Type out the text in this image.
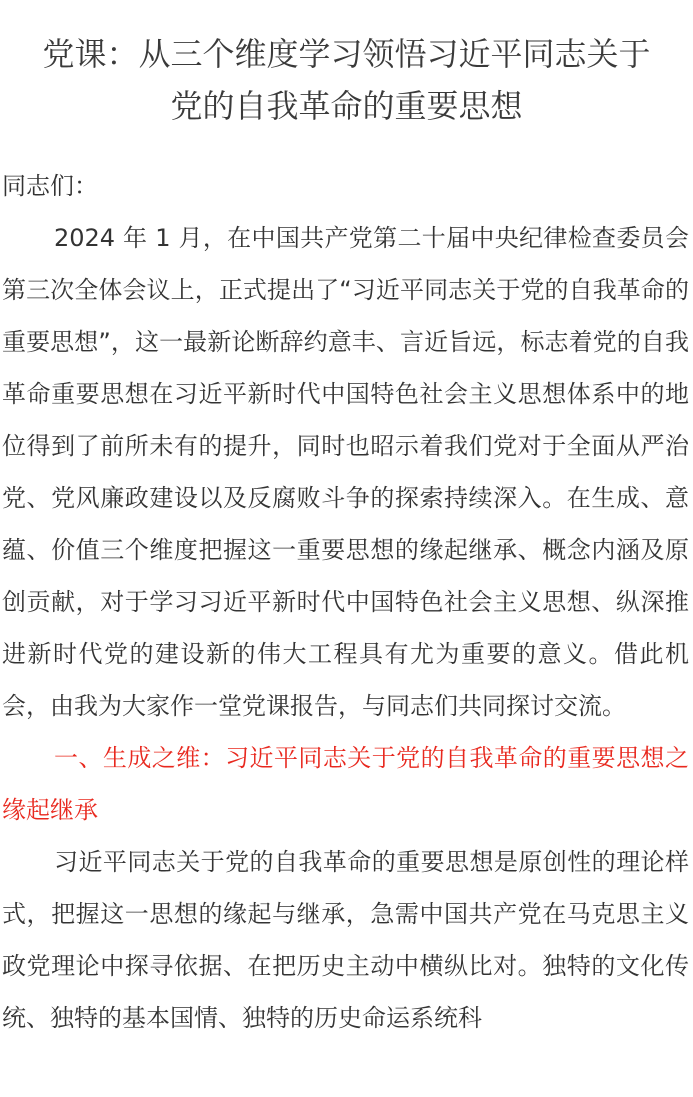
党课：从三个维度学习领悟习近平同志关于
党的自我革命的重要思想

同志们：

2024 年 1 月，在中国共产党第二十届中央纪律检查委员会第三次全体会议上，正式提出了“习近平同志关于党的自我革命的重要思想”，这一最新论断辞约意丰、言近旨远，标志着党的自我革命重要思想在习近平新时代中国特色社会主义思想体系中的地位得到了前所未有的提升，同时也昭示着我们党对于全面从严治党、党风廉政建设以及反腐败斗争的探索持续深入。在生成、意蕴、价值三个维度把握这一重要思想的缘起继承、概念内涵及原创贡献，对于学习习近平新时代中国特色社会主义思想、纵深推进新时代党的建设新的伟大工程具有尤为重要的意义。借此机会，由我为大家作一堂党课报告，与同志们共同探讨交流。

一、生成之维：习近平同志关于党的自我革命的重要思想之缘起继承

习近平同志关于党的自我革命的重要思想是原创性的理论样式，把握这一思想的缘起与继承，急需中国共产党在马克思主义政党理论中探寻依据、在把历史主动中横纵比对。独特的文化传统、独特的基本国情、独特的历史命运系统科
